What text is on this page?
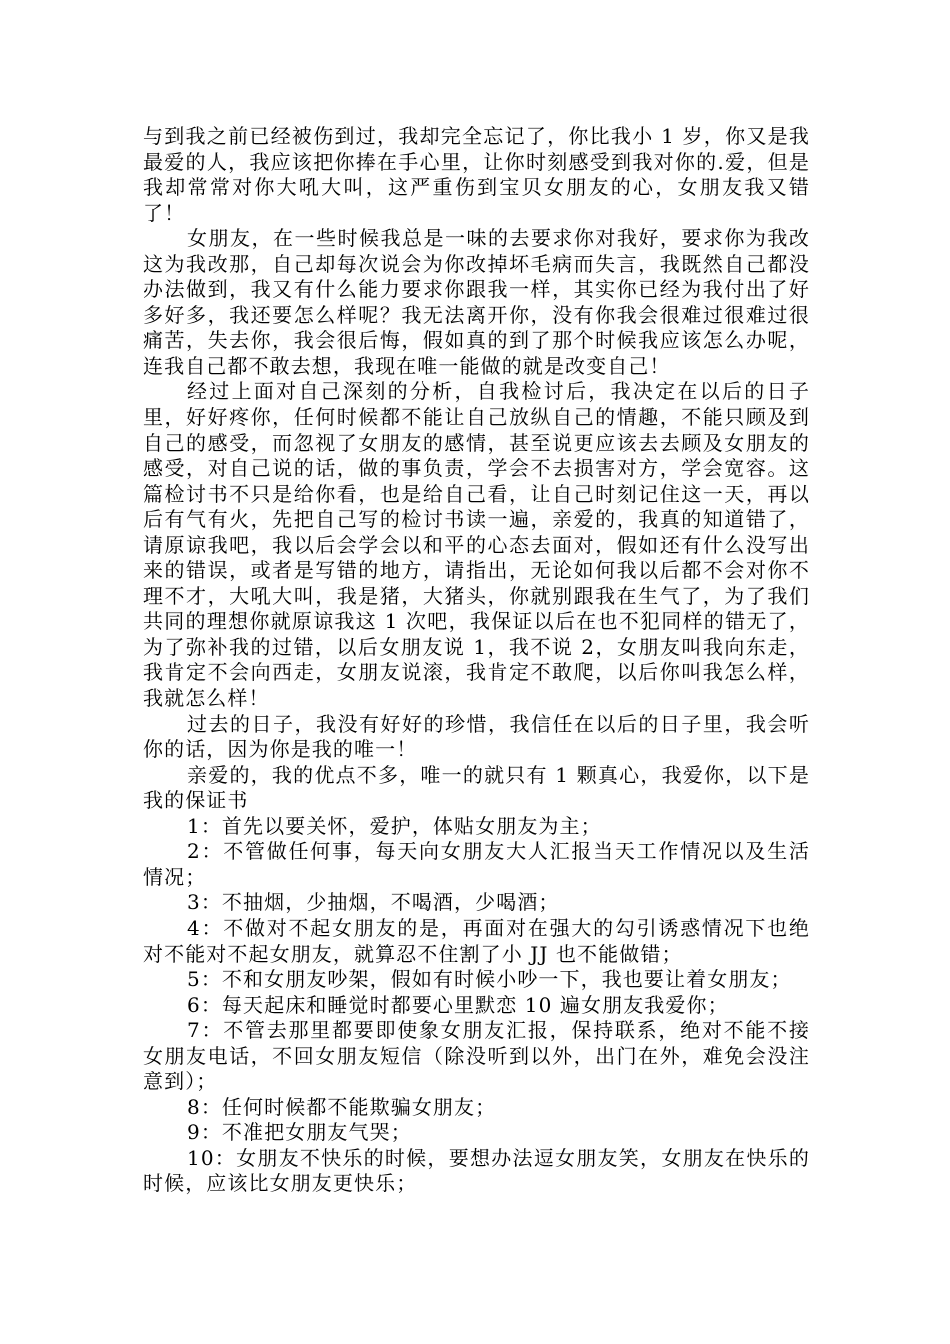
与到我之前已经被伤到过，我却完全忘记了，你比我小 1 岁，你又是我最爱的人，我应该把你捧在手心里，让你时刻感受到我对你的.爱，但是我却常常对你大吼大叫，这严重伤到宝贝女朋友的心，女朋友我又错了！

女朋友，在一些时候我总是一味的去要求你对我好，要求你为我改这为我改那，自己却每次说会为你改掉坏毛病而失言，我既然自己都没办法做到，我又有什么能力要求你跟我一样，其实你已经为我付出了好多好多，我还要怎么样呢？我无法离开你，没有你我会很难过很难过很痛苦，失去你，我会很后悔，假如真的到了那个时候我应该怎么办呢，连我自己都不敢去想，我现在唯一能做的就是改变自己！

经过上面对自己深刻的分析，自我检讨后，我决定在以后的日子里，好好疼你，任何时候都不能让自己放纵自己的情趣，不能只顾及到自己的感受，而忽视了女朋友的感情，甚至说更应该去去顾及女朋友的感受，对自己说的话，做的事负责，学会不去损害对方，学会宽容。这篇检讨书不只是给你看，也是给自己看，让自己时刻记住这一天，再以后有气有火，先把自己写的检讨书读一遍，亲爱的，我真的知道错了，请原谅我吧，我以后会学会以和平的心态去面对，假如还有什么没写出来的错误，或者是写错的地方，请指出，无论如何我以后都不会对你不理不才，大吼大叫，我是猪，大猪头，你就别跟我在生气了，为了我们共同的理想你就原谅我这 1 次吧，我保证以后在也不犯同样的错无了，为了弥补我的过错，以后女朋友说 1，我不说 2，女朋友叫我向东走，我肯定不会向西走，女朋友说滚，我肯定不敢爬，以后你叫我怎么样，我就怎么样！

过去的日子，我没有好好的珍惜，我信任在以后的日子里，我会听你的话，因为你是我的唯一！

亲爱的，我的优点不多，唯一的就只有 1 颗真心，我爱你，以下是我的保证书

1：首先以要关怀，爱护，体贴女朋友为主；

2：不管做任何事，每天向女朋友大人汇报当天工作情况以及生活情况；

3：不抽烟，少抽烟，不喝酒，少喝酒；

4：不做对不起女朋友的是，再面对在强大的勾引诱惑情况下也绝对不能对不起女朋友，就算忍不住割了小 JJ 也不能做错；

5：不和女朋友吵架，假如有时候小吵一下，我也要让着女朋友；

6：每天起床和睡觉时都要心里默恋 10 遍女朋友我爱你；

7：不管去那里都要即使象女朋友汇报，保持联系，绝对不能不接女朋友电话，不回女朋友短信（除没听到以外，出门在外，难免会没注意到）；

8：任何时候都不能欺骗女朋友；

9：不准把女朋友气哭；

10：女朋友不快乐的时候，要想办法逗女朋友笑，女朋友在快乐的时候，应该比女朋友更快乐；
